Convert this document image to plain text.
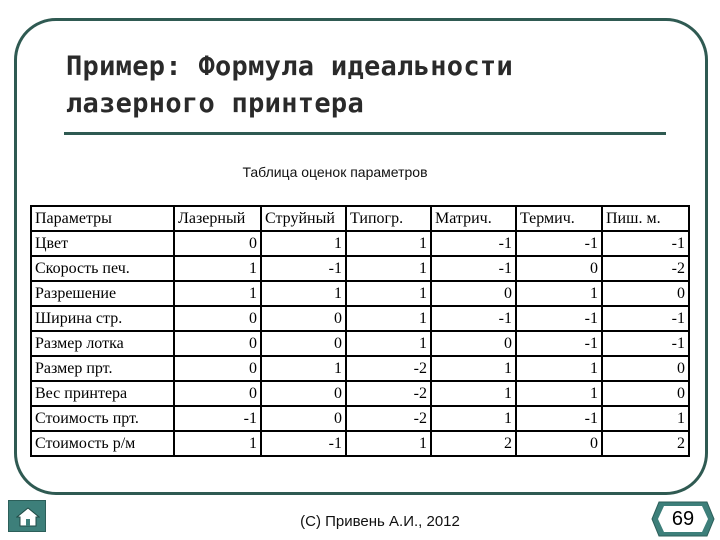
Пример: Формула идеальности
лазерного принтера
Таблица оценок параметров
Параметры	Лазерный	Струйный	Типогр.	Матрич.	Термич.	Пиш. м.
Цвет	0	1	1	-1	-1	-1
Скорость печ.	1	-1	1	-1	0	-2
Разрешение	1	1	1	0	1	0
Ширина стр.	0	0	1	-1	-1	-1
Размер лотка	0	0	1	0	-1	-1
Размер прт.	0	1	-2	1	1	0
Вес принтера	0	0	-2	1	1	0
Стоимость прт.	-1	0	-2	1	-1	1
Стоимость р/м	1	-1	1	2	0	2
(С) Привень А.И., 2012	69
